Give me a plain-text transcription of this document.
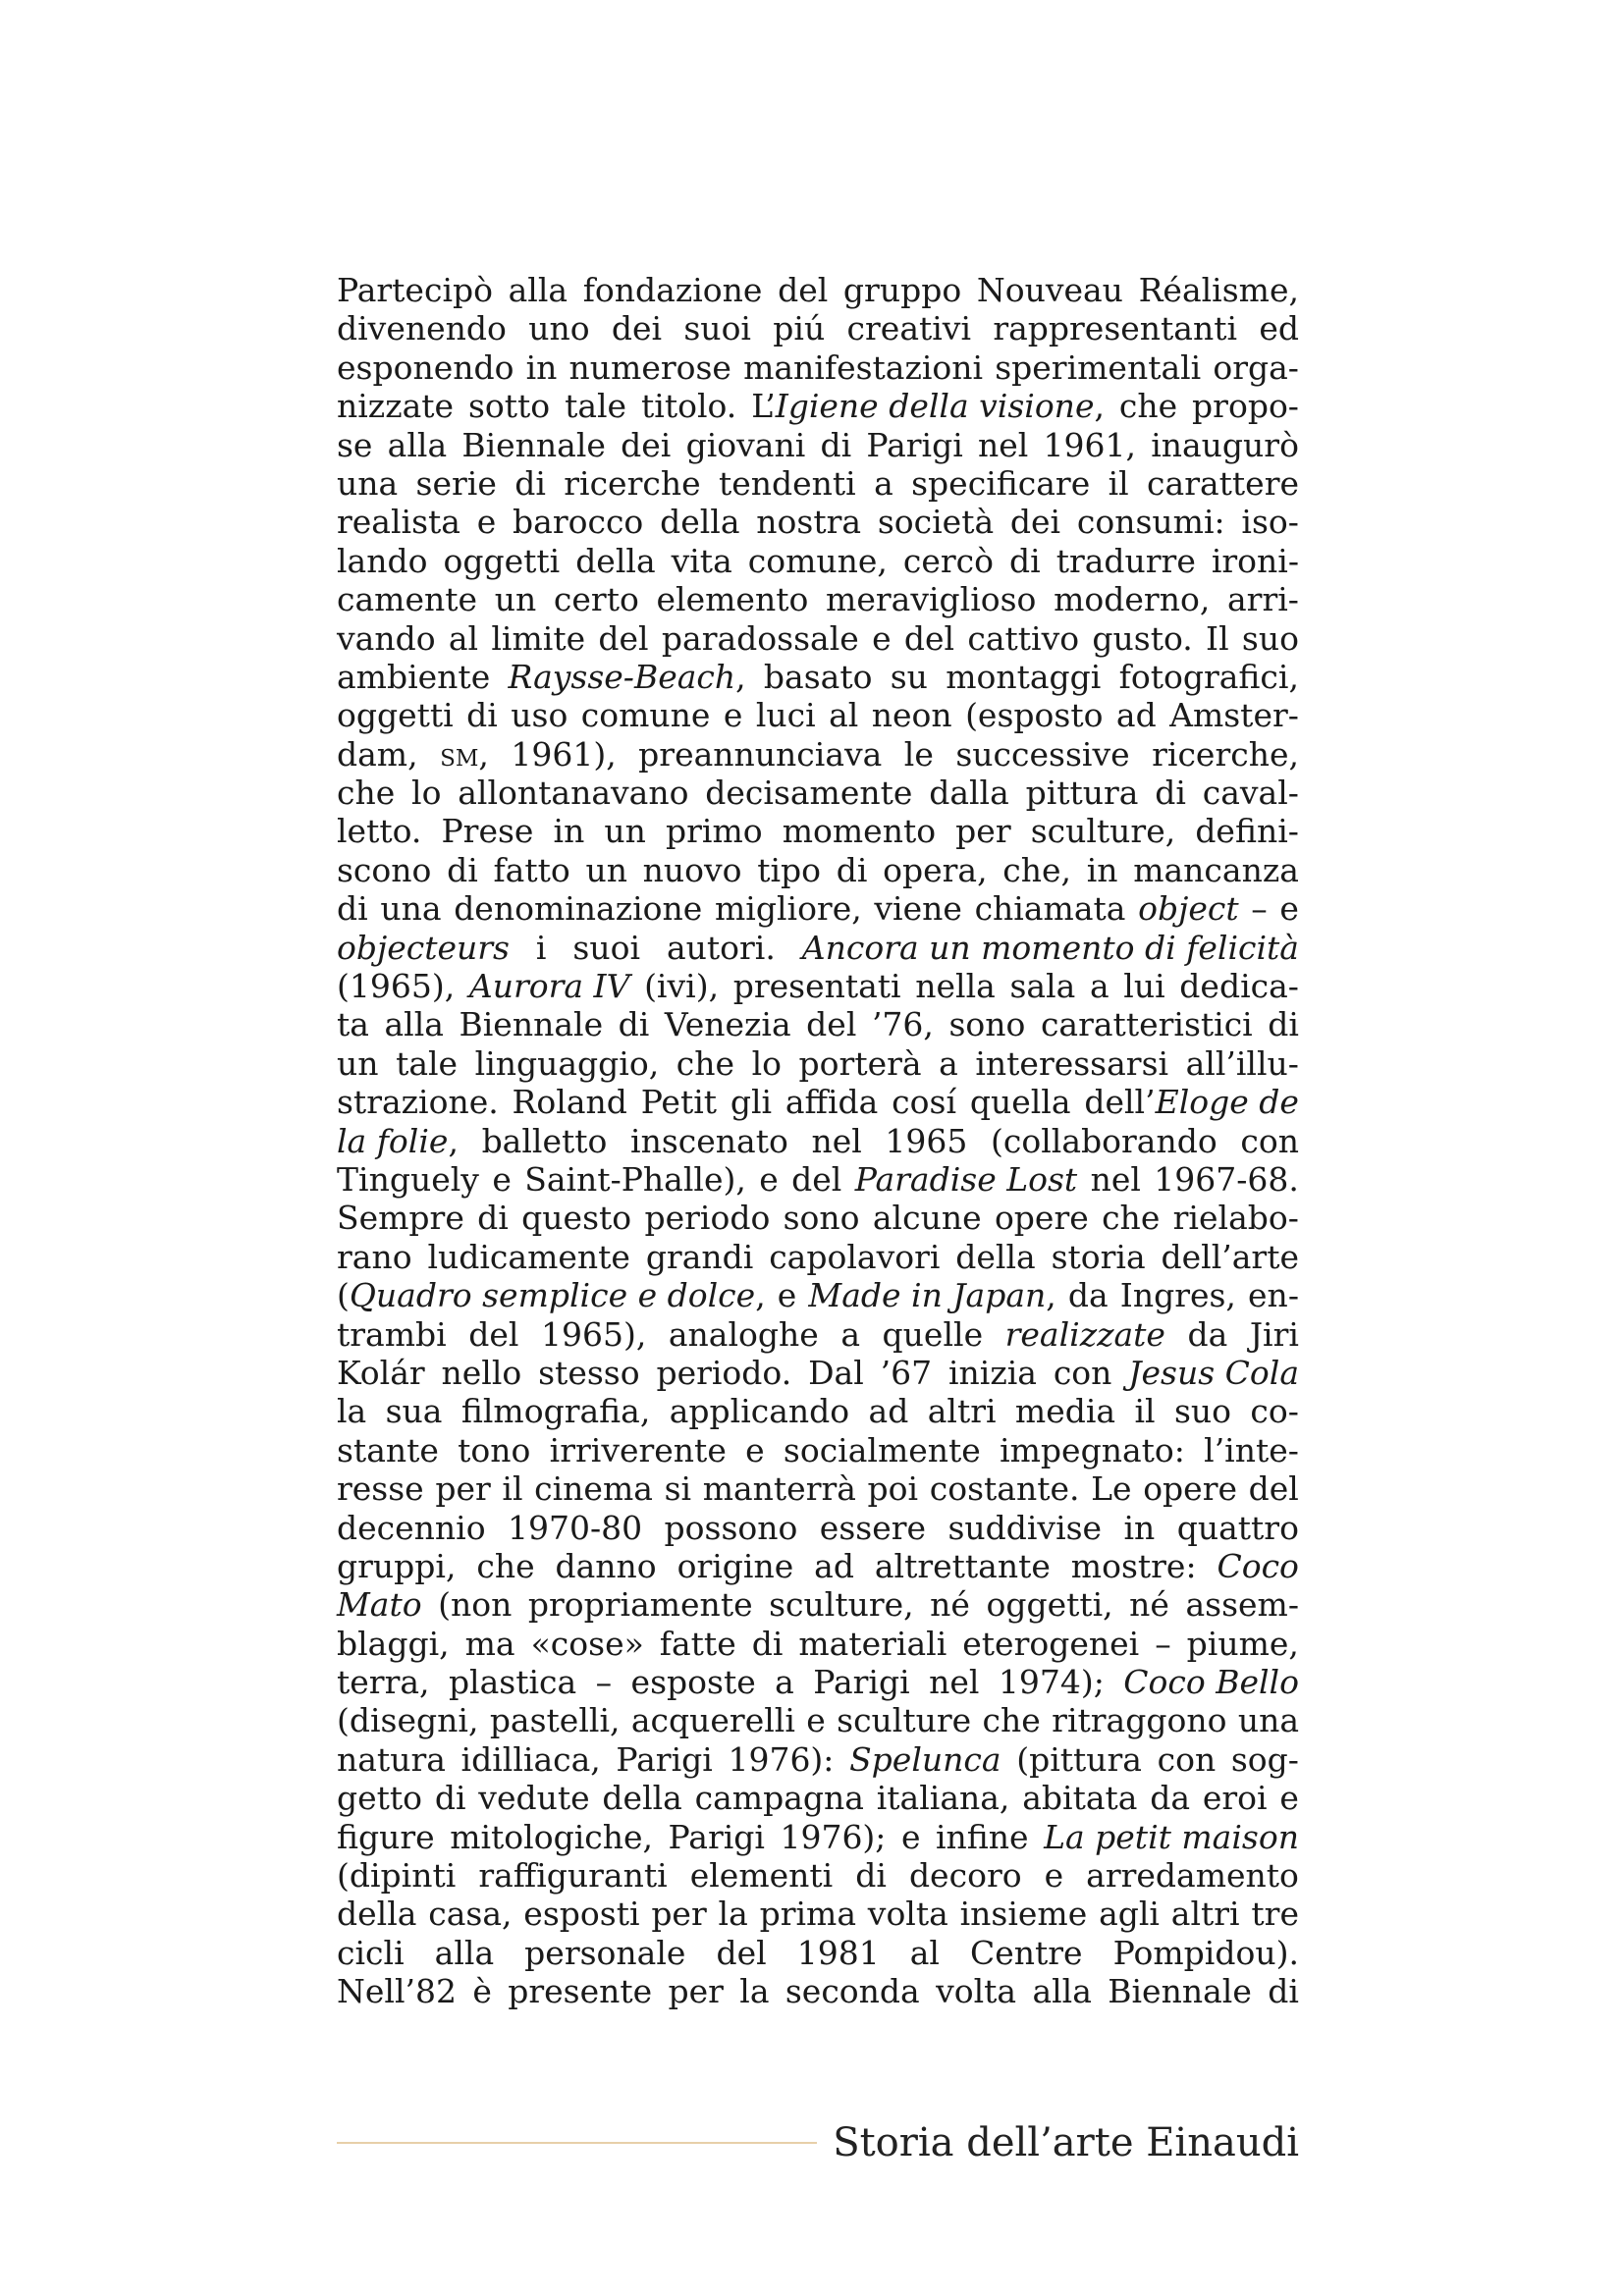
Partecipò alla fondazione del gruppo Nouveau Réalisme,
divenendo uno dei suoi piú creativi rappresentanti ed
esponendo in numerose manifestazioni sperimentali orga-
nizzate sotto tale titolo. L’Igiene della visione, che propo-
se alla Biennale dei giovani di Parigi nel 1961, inaugurò
una serie di ricerche tendenti a specificare il carattere
realista e barocco della nostra società dei consumi: iso-
lando oggetti della vita comune, cercò di tradurre ironi-
camente un certo elemento meraviglioso moderno, arri-
vando al limite del paradossale e del cattivo gusto. Il suo
ambiente Raysse-Beach, basato su montaggi fotografici,
oggetti di uso comune e luci al neon (esposto ad Amster-
dam, sm, 1961), preannunciava le successive ricerche,
che lo allontanavano decisamente dalla pittura di caval-
letto. Prese in un primo momento per sculture, defini-
scono di fatto un nuovo tipo di opera, che, in mancanza
di una denominazione migliore, viene chiamata object – e
objecteurs i suoi autori. Ancora un momento di felicità
(1965), Aurora IV (ivi), presentati nella sala a lui dedica-
ta alla Biennale di Venezia del ’76, sono caratteristici di
un tale linguaggio, che lo porterà a interessarsi all’illu-
strazione. Roland Petit gli affida cosí quella dell’Eloge de
la folie, balletto inscenato nel 1965 (collaborando con
Tinguely e Saint-Phalle), e del Paradise Lost nel 1967-68.
Sempre di questo periodo sono alcune opere che rielabo-
rano ludicamente grandi capolavori della storia dell’arte
(Quadro semplice e dolce, e Made in Japan, da Ingres, en-
trambi del 1965), analoghe a quelle realizzate da Jiri
Kolár nello stesso periodo. Dal ’67 inizia con Jesus Cola
la sua filmografia, applicando ad altri media il suo co-
stante tono irriverente e socialmente impegnato: l’inte-
resse per il cinema si manterrà poi costante. Le opere del
decennio 1970-80 possono essere suddivise in quattro
gruppi, che danno origine ad altrettante mostre: Coco
Mato (non propriamente sculture, né oggetti, né assem-
blaggi, ma «cose» fatte di materiali eterogenei – piume,
terra, plastica – esposte a Parigi nel 1974); Coco Bello
(disegni, pastelli, acquerelli e sculture che ritraggono una
natura idilliaca, Parigi 1976): Spelunca (pittura con sog-
getto di vedute della campagna italiana, abitata da eroi e
figure mitologiche, Parigi 1976); e infine La petit maison
(dipinti raffiguranti elementi di decoro e arredamento
della casa, esposti per la prima volta insieme agli altri tre
cicli alla personale del 1981 al Centre Pompidou).
Nell’82 è presente per la seconda volta alla Biennale di
Storia dell’arte Einaudi
